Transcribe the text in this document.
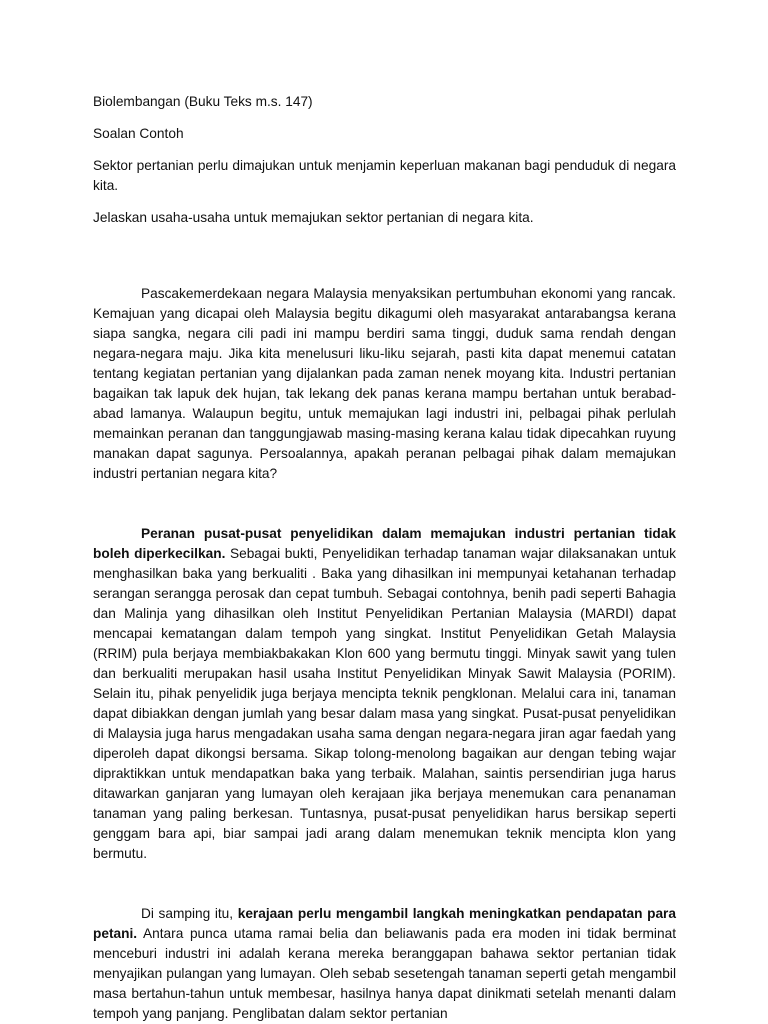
Biolembangan (Buku Teks m.s. 147)

Soalan Contoh

Sektor pertanian perlu dimajukan untuk menjamin keperluan makanan bagi penduduk di negara kita.

Jelaskan usaha-usaha untuk memajukan sektor pertanian di negara kita.

Pascakemerdekaan negara Malaysia menyaksikan pertumbuhan ekonomi yang rancak. Kemajuan yang dicapai oleh Malaysia begitu dikagumi oleh masyarakat antarabangsa kerana siapa sangka, negara cili padi ini mampu berdiri sama tinggi, duduk sama rendah dengan negara-negara maju. Jika kita menelusuri liku-liku sejarah, pasti kita dapat menemui catatan tentang kegiatan pertanian yang dijalankan pada zaman nenek moyang kita. Industri pertanian bagaikan tak lapuk dek hujan, tak lekang dek panas kerana mampu bertahan untuk berabad- abad lamanya. Walaupun begitu, untuk memajukan lagi industri ini, pelbagai pihak perlulah memainkan peranan dan tanggungjawab masing-masing kerana kalau tidak dipecahkan ruyung manakan dapat sagunya. Persoalannya, apakah peranan pelbagai pihak dalam memajukan industri pertanian negara kita?

Peranan pusat-pusat penyelidikan dalam memajukan industri pertanian tidak boleh diperkecilkan. Sebagai bukti, Penyelidikan terhadap tanaman wajar dilaksanakan untuk menghasilkan baka yang berkualiti . Baka yang dihasilkan ini mempunyai ketahanan terhadap serangan serangga perosak dan cepat tumbuh. Sebagai contohnya, benih padi seperti Bahagia dan Malinja yang dihasilkan oleh Institut Penyelidikan Pertanian Malaysia (MARDI) dapat mencapai kematangan dalam tempoh yang singkat. Institut Penyelidikan Getah Malaysia (RRIM) pula berjaya membiakbakakan Klon 600 yang bermutu tinggi. Minyak sawit yang tulen dan berkualiti merupakan hasil usaha Institut Penyelidikan Minyak Sawit Malaysia (PORIM). Selain itu, pihak penyelidik juga berjaya mencipta teknik pengklonan. Melalui cara ini, tanaman dapat dibiakkan dengan jumlah yang besar dalam masa yang singkat. Pusat-pusat penyelidikan di Malaysia juga harus mengadakan usaha sama dengan negara-negara jiran agar faedah yang diperoleh dapat dikongsi bersama. Sikap tolong-menolong bagaikan aur dengan tebing wajar dipraktikkan untuk mendapatkan baka yang terbaik. Malahan, saintis persendirian juga harus ditawarkan ganjaran yang lumayan oleh kerajaan jika berjaya menemukan cara penanaman tanaman yang paling berkesan. Tuntasnya, pusat-pusat penyelidikan harus bersikap seperti genggam bara api, biar sampai jadi arang dalam menemukan teknik mencipta klon yang bermutu.

Di samping itu, kerajaan perlu mengambil langkah meningkatkan pendapatan para petani. Antara punca utama ramai belia dan beliawanis pada era moden ini tidak berminat menceburi industri ini adalah kerana mereka beranggapan bahawa sektor pertanian tidak menyajikan pulangan yang lumayan. Oleh sebab sesetengah tanaman seperti getah mengambil masa bertahun-tahun untuk membesar, hasilnya hanya dapat dinikmati setelah menanti dalam tempoh yang panjang. Penglibatan dalam sektor pertanian
